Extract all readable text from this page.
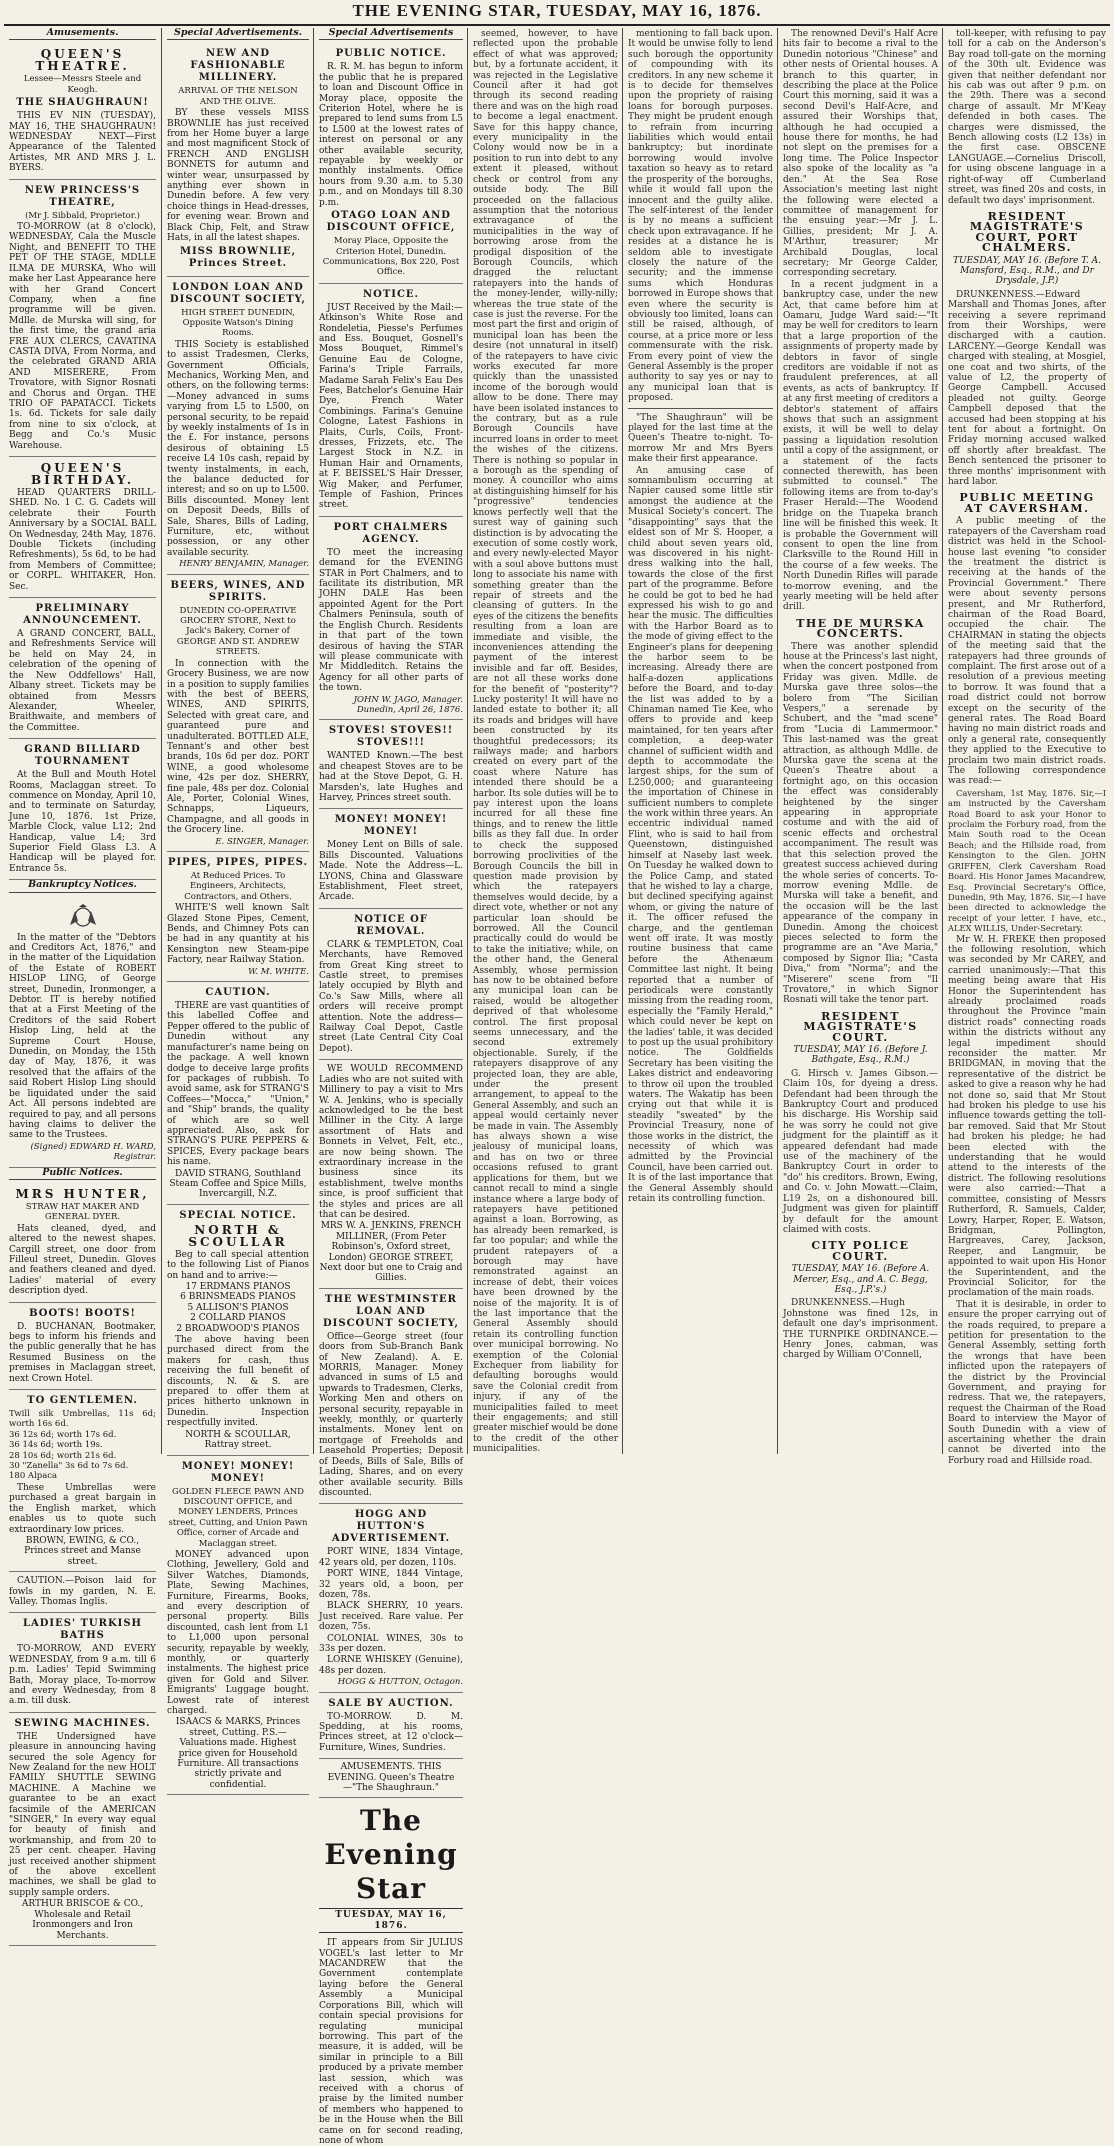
THE EVENING STAR, TUESDAY, MAY 16, 1876.
Amusements.
QUEEN'S THEATRE.
Lessee—Messrs Steele and Keogh.
THE SHAUGHRAUN!
THIS EV NIN (TUESDAY), MAY 16, THE SHAUGHRAUN! WEDNESDAY NEXT—First Appearance of the Talented Artistes, MR AND MRS J. L. BYERS.
NEW PRINCESS'S THEATRE,
(Mr J. Sibbald, Proprietor.)
TO-MORROW (at 8 o'clock), WEDNESDAY, Cala the Muscle Night, and BENEFIT TO THE PET OF THE STAGE, MDLLE ILMA DE MURSKA, Who will make her Last Appearance here with her Grand Concert Company, when a fine programme will be given. Mdlle. de Murska will sing, for the first time, the grand aria FRE AUX CLERCS, CAVATINA CASTA DIVA, From Norma, and the celebrated GRAND ARIA AND MISERERE, From Trovatore, with Signor Rosnati and Chorus and Organ. THE TRIO OF PAPATACCI. Tickets 1s. 6d. Tickets for sale daily from nine to six o'clock, at Begg and Co.'s Music Warehouse.
QUEEN'S BIRTHDAY.
HEAD QUARTERS DRILL-SHED. No. 1 C. G. Cadets will celebrate their Fourth Anniversary by a SOCIAL BALL On Wednesday, 24th May, 1876. Double Tickets (including Refreshments), 5s 6d, to be had from Members of Committee; or CORPL. WHITAKER, Hon. Sec.
PRELIMINARY ANNOUNCEMENT.
A GRAND CONCERT, BALL, and Refreshments Service will be held on May 24, in celebration of the opening of the New Oddfellows' Hall, Albany street. Tickets may be obtained from Messrs Alexander, Wheeler, Braithwaite, and members of the Committee.
GRAND BILLIARD TOURNAMENT
At the Bull and Mouth Hotel Rooms, Maclaggan street. To commence on Monday, April 10, and to terminate on Saturday, June 10, 1876. 1st Prize, Marble Clock, value L12; 2nd Handicap, value L4; 3rd Superior Field Glass L3. A Handicap will be played for. Entrance 5s.
Bankruptcy Notices.
In the matter of the "Debtors and Creditors Act, 1876," and in the matter of the Liquidation of the Estate of ROBERT HISLOP LING, of George street, Dunedin, Ironmonger, a Debtor. IT is hereby notified that at a First Meeting of the Creditors of the said Robert Hislop Ling, held at the Supreme Court House, Dunedin, on Monday, the 15th day of May, 1876, it was resolved that the affairs of the said Robert Hislop Ling should be liquidated under the said Act. All persons indebted are required to pay, and all persons having claims to deliver the same to the Trustees.
(Signed) EDWARD H. WARD, Registrar.
Public Notices.
MRS HUNTER,
STRAW HAT MAKER AND GENERAL DYER.
Hats cleaned, dyed, and altered to the newest shapes. Cargill street, one door from Filleul street, Dunedin. Gloves and feathers cleaned and dyed. Ladies' material of every description dyed.
BOOTS! BOOTS!
D. BUCHANAN, Bootmaker, begs to inform his friends and the public generally that he has Resumed Business on the premises in Maclaggan street, next Crown Hotel.
TO GENTLEMEN.
Twill silk Umbrellas, 11s 6d; worth 16s 6d.
36 12s 6d; worth 17s 6d.
36 14s 6d; worth 19s.
28 10s 6d; worth 21s 6d.
30 "Zanella" 3s 6d to 7s 6d.
180 Alpaca
These Umbrellas were purchased a great bargain in the English market, which enables us to quote such extraordinary low prices.
BROWN, EWING, & CO., Princes street and Manse street.
CAUTION.—Poison laid for fowls in my garden, N. E. Valley. Thomas Inglis.
LADIES' TURKISH BATHS
TO-MORROW, AND EVERY WEDNESDAY, from 9 a.m. till 6 p.m. Ladies' Tepid Swimming Bath, Moray place, To-morrow and every Wednesday, from 8 a.m. till dusk.
SEWING MACHINES.
THE Undersigned have pleasure in announcing having secured the sole Agency for New Zealand for the new HOLT FAMILY SHUTTLE SEWING MACHINE. A Machine we guarantee to be an exact facsimile of the AMERICAN "SINGER," In every way equal for beauty of finish and workmanship, and from 20 to 25 per cent. cheaper. Having just received another shipment of the above excellent machines, we shall be glad to supply sample orders.
ARTHUR BRISCOE & CO., Wholesale and Retail Ironmongers and Iron Merchants.
Special Advertisements.
NEW AND FASHIONABLE MILLINERY.
ARRIVAL OF THE NELSON AND THE OLIVE.
BY these vessels MISS BROWNLIE has just received from her Home buyer a large and most magnificent Stock of FRENCH AND ENGLISH BONNETS for autumn and winter wear, unsurpassed by anything ever shown in Dunedin before. A few very choice things in Head-dresses, for evening wear. Brown and Black Chip, Felt, and Straw Hats, in all the latest shapes.
MISS BROWNLIE, Princes Street.
LONDON LOAN AND DISCOUNT SOCIETY,
HIGH STREET DUNEDIN, Opposite Watson's Dining Rooms.
THIS Society is established to assist Tradesmen, Clerks, Government Officials, Mechanics, Working Men, and others, on the following terms:—Money advanced in sums varying from L5 to L500, on personal security, to be repaid by weekly instalments of 1s in the £. For instance, persons desirous of obtaining L5 receive L4 10s cash, repaid by twenty instalments, in each, the balance deducted for interest; and so on up to L500. Bills discounted. Money lent on Deposit Deeds, Bills of Sale, Shares, Bills of Lading, Furniture, etc, without possession, or any other available security.
HENRY BENJAMIN, Manager.
BEERS, WINES, AND SPIRITS.
DUNEDIN CO-OPERATIVE GROCERY STORE, Next to Jack's Bakery, Corner of GEORGE AND ST. ANDREW STREETS.
In connection with the Grocery Business, we are now in a position to supply families with the best of BEERS, WINES, AND SPIRITS, Selected with great care, and guaranteed pure and unadulterated. BOTTLED ALE, Tennant's and other best brands, 10s 6d per doz. PORT WINE, a good wholesome wine, 42s per doz. SHERRY, fine pale, 48s per doz. Colonial Ale, Porter, Colonial Wines, Schnapps, Liqueurs, Champagne, and all goods in the Grocery line.
E. SINGER, Manager.
PIPES, PIPES, PIPES.
At Reduced Prices. To Engineers, Architects, Contractors, and Others.
WHITE'S well known Salt Glazed Stone Pipes, Cement, Bends, and Chimney Pots can be had in any quantity at his Kensington new Steam-pipe Factory, near Railway Station.
W. M. WHITE.
CAUTION.
THERE are vast quantities of this labelled Coffee and Pepper offered to the public of Dunedin without any manufacturer's name being on the package. A well known dodge to deceive large profits for packages of rubbish. To avoid same, ask for STRANG'S Coffees—"Mocca," "Union," and "Ship" brands, the quality of which are so well appreciated. Also, ask for STRANG'S PURE PEPPERS & SPICES, Every package bears his name.
DAVID STRANG, Southland Steam Coffee and Spice Mills, Invercargill, N.Z.
SPECIAL NOTICE.
NORTH & SCOULLAR
Beg to call special attention to the following List of Pianos on hand and to arrive:—
17 ERDMANS PIANOS
6 BRINSMEADS PIANOS
5 ALLISON'S PIANOS
2 COLLARD PIANOS
2 BROADWOOD'S PIANOS
The above having been purchased direct from the makers for cash, thus receiving the full benefit of discounts, N. & S. are prepared to offer them at prices hitherto unknown in Dunedin. Inspection respectfully invited.
NORTH & SCOULLAR, Rattray street.
MONEY! MONEY! MONEY!
GOLDEN FLEECE PAWN AND DISCOUNT OFFICE, and MONEY LENDERS, Princes street, Cutting, and Union Pawn Office, corner of Arcade and Maclaggan street.
MONEY advanced upon Clothing, Jewellery, Gold and Silver Watches, Diamonds, Plate, Sewing Machines, Furniture, Firearms, Books, and every description of personal property. Bills discounted, cash lent from L1 to L1,000 upon personal security, repayable by weekly, monthly, or quarterly instalments. The highest price given for Gold and Silver. Emigrants' Luggage bought. Lowest rate of interest charged.
ISAACS & MARKS, Princes street, Cutting. P.S.—Valuations made. Highest price given for Household Furniture. All transactions strictly private and confidential.
Special Advertisements
PUBLIC NOTICE.
R. R. M. has begun to inform the public that he is prepared to loan and Discount Office in Moray place, opposite the Criterion Hotel, where he is prepared to lend sums from L5 to L500 at the lowest rates of interest on personal or any other available security, repayable by weekly or monthly instalments. Office hours from 9.30 a.m. to 5.30 p.m., and on Mondays till 8.30 p.m.
OTAGO LOAN AND DISCOUNT OFFICE,
Moray Place, Opposite the Criterion Hotel, Dunedin. Communications, Box 220, Post Office.
NOTICE.
JUST Received by the Mail:—Atkinson's White Rose and Rondeletia, Piesse's Perfumes and Ess. Bouquet, Gosnell's Moss Bouquet, Rimmel's Genuine Eau de Cologne, Farina's Triple Farrails, Madame Sarah Felix's Eau Des Fees, Batchelor's Genuine Hair Dye, French Water Combinings. Farina's Genuine Cologne, Latest Fashions in Plaits, Curls, Coils, Front-dresses, Frizzets, etc. The Largest Stock in N.Z. in Human Hair and Ornaments, at F. BEISSEL'S Hair Dresser, Wig Maker, and Perfumer, Temple of Fashion, Princes street.
PORT CHALMERS AGENCY.
TO meet the increasing demand for the EVENING STAR in Port Chalmers, and to facilitate its distribution, MR JOHN DALE Has been appointed Agent for the Port Chalmers Peninsula, south of the English Church. Residents in that part of the town desirous of having the STAR will please communicate with Mr Middleditch. Retains the Agency for all other parts of the town.
JOHN W. JAGO, Manager. Dunedin, April 26, 1876.
STOVES! STOVES!! STOVES!!!
WANTED Known.—The best and cheapest Stoves are to be had at the Stove Depot, G. H. Marsden's, late Hughes and Harvey, Princes street south.
MONEY! MONEY! MONEY!
Money Lent on Bills of sale. Bills Discounted. Valuations Made. Note the Address—L. LYONS, China and Glassware Establishment, Fleet street, Arcade.
NOTICE OF REMOVAL.
CLARK & TEMPLETON, Coal Merchants, have Removed from Great King street to Castle street, to premises lately occupied by Blyth and Co.'s Saw Mills, where all orders will receive prompt attention. Note the address—Railway Coal Depot, Castle street (Late Central City Coal Depot).
WE WOULD RECOMMEND Ladies who are not suited with Millinery to pay a visit to Mrs W. A. Jenkins, who is specially acknowledged to be the best Milliner in the City. A large assortment of Hats and Bonnets in Velvet, Felt, etc., are now being shown. The extraordinary increase in the business since its establishment, twelve months since, is proof sufficient that the styles and prices are all that can be desired.
MRS W. A. JENKINS, FRENCH MILLINER, (From Peter Robinson's, Oxford street, London) GEORGE STREET, Next door but one to Craig and Gillies.
THE WESTMINSTER LOAN AND DISCOUNT SOCIETY,
Office—George street (four doors from Sub-Branch Bank of New Zealand). A. E. MORRIS, Manager. Money advanced in sums of L5 and upwards to Tradesmen, Clerks, Working Men and others on personal security, repayable in weekly, monthly, or quarterly instalments. Money lent on mortgage of Freeholds and Leasehold Properties; Deposit of Deeds, Bills of Sale, Bills of Lading, Shares, and on every other available security. Bills discounted.
HOGG AND HUTTON'S ADVERTISEMENT.
PORT WINE, 1834 Vintage, 42 years old, per dozen, 110s.
PORT WINE, 1844 Vintage, 32 years old, a boon, per dozen, 78s.
BLACK SHERRY, 10 years. Just received. Rare value. Per dozen, 75s.
COLONIAL WINES, 30s to 33s per dozen.
LORNE WHISKEY (Genuine), 48s per dozen.
HOGG & HUTTON, Octagon.
SALE BY AUCTION.
TO-MORROW. D. M. Spedding, at his rooms, Princes street, at 12 o'clock—Furniture, Wines, Sundries.
AMUSEMENTS. THIS EVENING. Queen's Theatre—"The Shaughraun."
The Evening Star
TUESDAY, MAY 16, 1876.
IT appears from Sir JULIUS VOGEL's last letter to Mr MACANDREW that the Government contemplate laying before the General Assembly a Municipal Corporations Bill, which will contain special provisions for regulating municipal borrowing. This part of the measure, it is added, will be similar in principle to a Bill produced by a private member last session, which was received with a chorus of praise by the limited number of members who happened to be in the House when the Bill came on for second reading, none of whom
seemed, however, to have reflected upon the probable effect of what was approved; but, by a fortunate accident, it was rejected in the Legislative Council after it had got through its second reading there and was on the high road to become a legal enactment. Save for this happy chance, every municipality in the Colony would now be in a position to run into debt to any extent it pleased, without check or control from any outside body. The Bill proceeded on the fallacious assumption that the notorious extravagance of the municipalities in the way of borrowing arose from the prodigal disposition of the Borough Councils, which dragged the reluctant ratepayers into the hands of the money-lender, willy-nilly; whereas the true state of the case is just the reverse. For the most part the first and origin of municipal loan has been the desire (not unnatural in itself) of the ratepayers to have civic works executed far more quickly than the unassisted income of the borough would allow to be done. There may have been isolated instances to the contrary, but as a rule Borough Councils have incurred loans in order to meet the wishes of the citizens. There is nothing so popular in a borough as the spending of money. A councillor who aims at distinguishing himself for his "progressive" tendencies knows perfectly well that the surest way of gaining such distinction is by advocating the execution of some costly work, and every newly-elected Mayor with a soul above buttons must long to associate his name with something greater than the repair of streets and the cleansing of gutters. In the eyes of the citizens the benefits resulting from a loan are immediate and visible, the inconveniences attending the payment of the interest invisible and far off. Besides, are not all these works done for the benefit of "posterity"? Lucky posterity! It will have no landed estate to bother it; all its roads and bridges will have been constructed by its thoughtful predecessors; its railways made; and harbors created on every part of the coast where Nature has intended there should be a harbor. Its sole duties will be to pay interest upon the loans incurred for all these fine things, and to renew the little bills as they fall due. In order to check the supposed borrowing proclivities of the Borough Councils the bill in question made provision by which the ratepayers themselves would decide, by a direct vote, whether or not any particular loan should be borrowed. All the Council practically could do would be to take the initiative; while, on the other hand, the General Assembly, whose permission has now to be obtained before any municipal loan can be raised, would be altogether deprived of that wholesome control. The first proposal seems unnecessary, and the second extremely objectionable. Surely, if the ratepayers disapprove of any projected loan, they are able, under the present arrangement, to appeal to the General Assembly, and such an appeal would certainly never be made in vain. The Assembly has always shown a wise jealousy of municipal loans, and has on two or three occasions refused to grant applications for them, but we cannot recall to mind a single instance where a large body of ratepayers have petitioned against a loan. Borrowing, as has already been remarked, is far too popular; and while the prudent ratepayers of a borough may have remonstrated against an increase of debt, their voices have been drowned by the noise of the majority. It is of the last importance that the General Assembly should retain its controlling function over municipal borrowing. No exemption of the Colonial Exchequer from liability for defaulting boroughs would save the Colonial credit from injury, if any of the municipalities failed to meet their engagements; and still greater mischief would be done to the credit of the other municipalities.
mentioning to fall back upon. It would be unwise folly to lend such borough the opportunity of compounding with its creditors. In any new scheme it is to decide for themselves upon the propriety of raising loans for borough purposes. They might be prudent enough to refrain from incurring liabilities which would entail bankruptcy; but inordinate borrowing would involve taxation so heavy as to retard the prosperity of the boroughs, while it would fall upon the innocent and the guilty alike. The self-interest of the lender is by no means a sufficient check upon extravagance. If he resides at a distance he is seldom able to investigate closely the nature of the security; and the immense sums which Honduras borrowed in Europe shows that even where the security is obviously too limited, loans can still be raised, although, of course, at a price more or less commensurate with the risk. From every point of view the General Assembly is the proper authority to say yes or nay to any municipal loan that is proposed.
"The Shaughraun" will be played for the last time at the Queen's Theatre to-night. To-morrow Mr and Mrs Byers make their first appearance.
An amusing case of somnambulism occurring at Napier caused some little stir amongst the audience at the Musical Society's concert. The "disappointing" says that the eldest son of Mr S. Hooper, a child about seven years old, was discovered in his night-dress walking into the hall, towards the close of the first part of the programme. Before he could be got to bed he had expressed his wish to go and hear the music. The difficulties with the Harbor Board as to the mode of giving effect to the Engineer's plans for deepening the harbor seem to be increasing. Already there are half-a-dozen applications before the Board, and to-day the list was added to by a Chinaman named Tie Kee, who offers to provide and keep maintained, for ten years after completion, a deep-water channel of sufficient width and depth to accommodate the largest ships, for the sum of L250,000; and guaranteeing the importation of Chinese in sufficient numbers to complete the work within three years. An eccentric individual named Flint, who is said to hail from Queenstown, distinguished himself at Naseby last week. On Tuesday he walked down to the Police Camp, and stated that he wished to lay a charge, but declined specifying against whom, or giving the nature of it. The officer refused the charge, and the gentleman went off irate. It was mostly routine business that came before the Athenæum Committee last night. It being reported that a number of periodicals were constantly missing from the reading room, especially the "Family Herald," which could never be kept on the ladies' table, it was decided to post up the usual prohibitory notice. The Goldfields Secretary has been visiting the Lakes district and endeavoring to throw oil upon the troubled waters. The Wakatip has been crying out that while it is steadily "sweated" by the Provincial Treasury, none of those works in the district, the necessity of which was admitted by the Provincial Council, have been carried out. It is of the last importance that the General Assembly should retain its controlling function.
The renowned Devil's Half Acre hits fair to become a rival to the Dunedin notorious "Chinese" and other nests of Oriental houses. A branch to this quarter, in describing the place at the Police Court this morning, said it was a second Devil's Half-Acre, and assured their Worships that, although he had occupied a house there for months, he had not slept on the premises for a long time. The Police Inspector also spoke of the locality as "a den." At the Sea Rose Association's meeting last night the following were elected a committee of management for the ensuing year:—Mr J. L. Gillies, president; Mr J. A. M'Arthur, treasurer; Mr Archibald Douglas, local secretary; Mr George Calder, corresponding secretary.
In a recent judgment in a bankruptcy case, under the new Act, that came before him at Oamaru, Judge Ward said:—"It may be well for creditors to learn that a large proportion of the assignments of property made by debtors in favor of single creditors are voidable if not as fraudulent preferences, at all events, as acts of bankruptcy. If at any first meeting of creditors a debtor's statement of affairs shows that such an assignment exists, it will be well to delay passing a liquidation resolution until a copy of the assignment, or a statement of the facts connected therewith, has been submitted to counsel." The following items are from to-day's Fraser Herald:—The Woodend bridge on the Tuapeka branch line will be finished this week. It is probable the Government will consent to open the line from Clarksville to the Round Hill in the course of a few weeks. The North Dunedin Rifles will parade to-morrow evening, and the yearly meeting will be held after drill.
THE DE MURSKA CONCERTS.
There was another splendid house at the Princess's last night, when the concert postponed from Friday was given. Mdlle. de Murska gave three solos—the bolero from "The Sicilian Vespers," a serenade by Schubert, and the "mad scene" from "Lucia di Lammermoor." This last-named was the great attraction, as although Mdlle. de Murska gave the scena at the Queen's Theatre about a fortnight ago, on this occasion the effect was considerably heightened by the singer appearing in appropriate costume and with the aid of scenic effects and orchestral accompaniment. The result was that this selection proved the greatest success achieved during the whole series of concerts. To-morrow evening Mdlle. de Murska will take a benefit, and the occasion will be the last appearance of the company in Dunedin. Among the choicest pieces selected to form the programme are an "Ave Maria," composed by Signor Ilia; "Casta Diva," from "Norma"; and the "Miserere" scene from "Il Trovatore," in which Signor Rosnati will take the tenor part.
RESIDENT MAGISTRATE'S COURT.
TUESDAY, MAY 16. (Before J. Bathgate, Esq., R.M.)
G. Hirsch v. James Gibson.—Claim 10s, for dyeing a dress. Defendant had been through the Bankruptcy Court and produced his discharge. His Worship said he was sorry he could not give judgment for the plaintiff as it appeared defendant had made use of the machinery of the Bankruptcy Court in order to "do" his creditors. Brown, Ewing, and Co. v. John Mowatt.—Claim, L19 2s, on a dishonoured bill. Judgment was given for plaintiff by default for the amount claimed with costs.
CITY POLICE COURT.
TUESDAY, MAY 16. (Before A. Mercer, Esq., and A. C. Begg, Esq., J.P.'s.)
DRUNKENNESS.—Hugh Johnstone was fined 12s, in default one day's imprisonment. THE TURNPIKE ORDINANCE.—Henry Jones, cabman, was charged by William O'Connell,
toll-keeper, with refusing to pay toll for a cab on the Anderson's Bay road toll-gate on the morning of the 30th ult. Evidence was given that neither defendant nor his cab was out after 9 p.m. on the 29th. There was a second charge of assault. Mr M'Keay defended in both cases. The charges were dismissed, the Bench allowing costs (L2 13s) in the first case. OBSCENE LANGUAGE.—Cornelius Driscoll, for using obscene language in a right-of-way off Cumberland street, was fined 20s and costs, in default two days' imprisonment.
RESIDENT MAGISTRATE'S COURT, PORT CHALMERS.
TUESDAY, MAY 16. (Before T. A. Mansford, Esq., R.M., and Dr Drysdale, J.P.)
DRUNKENNESS.—Edward Marshall and Thomas Jones, after receiving a severe reprimand from their Worships, were discharged with a caution. LARCENY.—George Kendall was charged with stealing, at Mosgiel, one coat and two shirts, of the value of L2, the property of George Campbell. Accused pleaded not guilty. George Campbell deposed that the accused had been stopping at his tent for about a fortnight. On Friday morning accused walked off shortly after breakfast. The Bench sentenced the prisoner to three months' imprisonment with hard labor.
PUBLIC MEETING AT CAVERSHAM.
A public meeting of the ratepayers of the Caversham road district was held in the School-house last evening "to consider the treatment the district is receiving at the hands of the Provincial Government." There were about seventy persons present, and Mr Rutherford, chairman of the Road Board, occupied the chair. The CHAIRMAN in stating the objects of the meeting said that the ratepayers had three grounds of complaint. The first arose out of a resolution of a previous meeting to borrow. It was found that a road district could not borrow except on the security of the general rates. The Road Board having no main district roads and only a general rate, consequently they applied to the Executive to proclaim two main district roads. The following correspondence was read:—
Caversham, 1st May, 1876. Sir,—I am instructed by the Caversham Road Board to ask your Honor to proclaim the Forbury road, from the Main South road to the Ocean Beach; and the Hillside road, from Kensington to the Glen. JOHN GRIFFEN, Clerk Caversham Road Board. His Honor James Macandrew, Esq. Provincial Secretary's Office, Dunedin, 9th May, 1876. Sir,—I have been directed to acknowledge the receipt of your letter. I have, etc., ALEX WILLIS, Under-Secretary.
Mr W. H. FREKE then proposed the following resolution, which was seconded by Mr CAREY, and carried unanimously:—That this meeting being aware that His Honor the Superintendent has already proclaimed roads throughout the Province "main district roads" connecting roads within the districts without any legal impediment should reconsider the matter. Mr BRIDGMAN, in moving that the representative of the district be asked to give a reason why he had not done so, said that Mr Stout had broken his pledge to use his influence towards getting the toll-bar removed. Said that Mr Stout had broken his pledge; he had been elected with the understanding that he would attend to the interests of the district. The following resolutions were also carried:—That a committee, consisting of Messrs Rutherford, R. Samuels, Calder, Lowry, Harper, Roper, E. Watson, Bridgman, Pollington, Hargreaves, Carey, Jackson, Reeper, and Langmuir, be appointed to wait upon His Honor the Superintendent, and the Provincial Solicitor, for the proclamation of the main roads.
That it is desirable, in order to ensure the proper carrying out of the roads required, to prepare a petition for presentation to the General Assembly, setting forth the wrongs that have been inflicted upon the ratepayers of the district by the Provincial Government, and praying for redress. That we, the ratepayers, request the Chairman of the Road Board to interview the Mayor of South Dunedin with a view of ascertaining whether the drain cannot be diverted into the Forbury road and Hillside road.
